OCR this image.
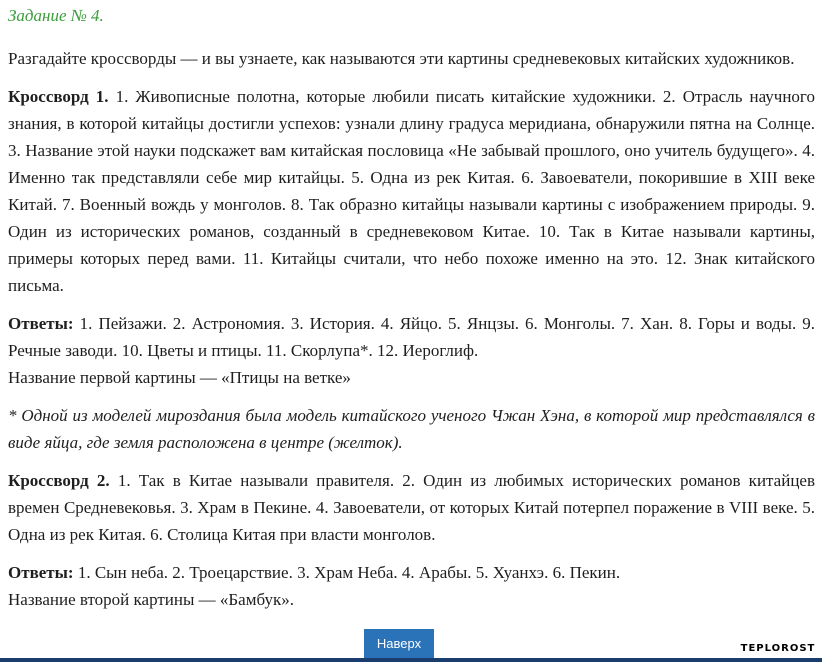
Задание № 4.

Разгадайте кроссворды — и вы узнаете, как называются эти картины средневековых китайских художников.

Кроссворд 1. 1. Живописные полотна, которые любили писать китайские художники. 2. Отрасль научного знания, в которой китайцы достигли успехов: узнали длину градуса меридиана, обнаружили пятна на Солнце. 3. Название этой науки подскажет вам китайская пословица «Не забывай прошлого, оно учитель будущего». 4. Именно так представляли себе мир китайцы. 5. Одна из рек Китая. 6. Завоеватели, покорившие в XIII веке Китай. 7. Военный вождь у монголов. 8. Так образно китайцы называли картины с изображением природы. 9. Один из исторических романов, созданный в средневековом Китае. 10. Так в Китае называли картины, примеры которых перед вами. 11. Китайцы считали, что небо похоже именно на это. 12. Знак китайского письма.

Ответы: 1. Пейзажи. 2. Астрономия. 3. История. 4. Яйцо. 5. Янцзы. 6. Монголы. 7. Хан. 8. Горы и воды. 9. Речные заводи. 10. Цветы и птицы. 11. Скорлупа*. 12. Иероглиф.
Название первой картины — «Птицы на ветке»

* Одной из моделей мироздания была модель китайского ученого Чжан Хэна, в которой мир представлялся в виде яйца, где земля расположена в центре (желток).

Кроссворд 2. 1. Так в Китае называли правителя. 2. Один из любимых исторических романов китайцев времен Средневековья. 3. Храм в Пекине. 4. Завоеватели, от которых Китай потерпел поражение в VIII веке. 5. Одна из рек Китая. 6. Столица Китая при власти монголов.

Ответы: 1. Сын неба. 2. Троецарствие. 3. Храм Неба. 4. Арабы. 5. Хуанхэ. 6. Пекин.
Название второй картины — «Бамбук».

Наверх	TEPLOROST
